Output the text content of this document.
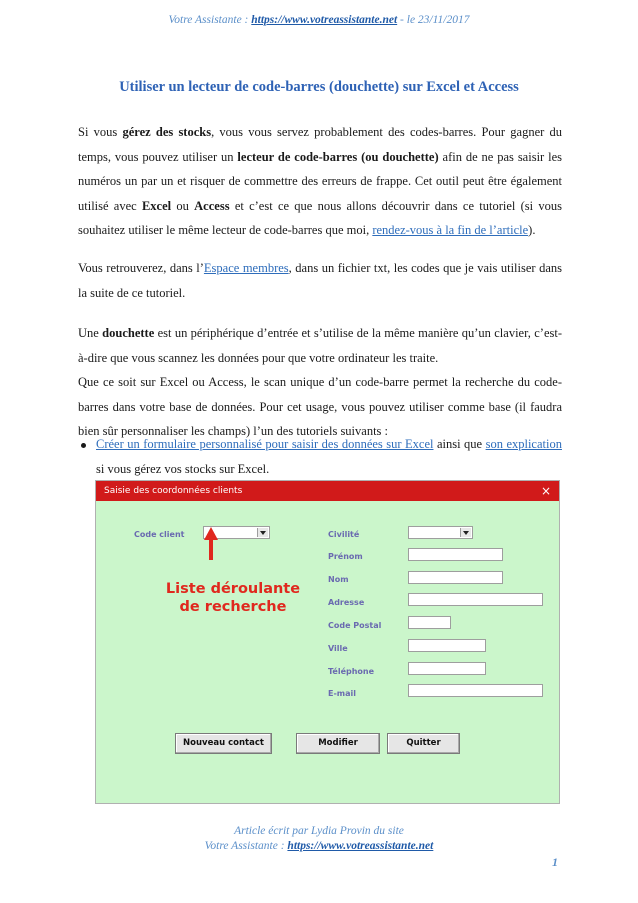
Votre Assistante : https://www.votreassistante.net - le 23/11/2017
Utiliser un lecteur de code-barres (douchette) sur Excel et Access

Si vous gérez des stocks, vous vous servez probablement des codes-barres. Pour gagner du temps, vous pouvez utiliser un lecteur de code-barres (ou douchette) afin de ne pas saisir les numéros un par un et risquer de commettre des erreurs de frappe. Cet outil peut être également utilisé avec Excel ou Access et c’est ce que nous allons découvrir dans ce tutoriel (si vous souhaitez utiliser le même lecteur de code-barres que moi, rendez-vous à la fin de l’article).

Vous retrouverez, dans l’Espace membres, dans un fichier txt, les codes que je vais utiliser dans la suite de ce tutoriel.

Une douchette est un périphérique d’entrée et s’utilise de la même manière qu’un clavier, c’est-à-dire que vous scannez les données pour que votre ordinateur les traite.

Que ce soit sur Excel ou Access, le scan unique d’un code-barre permet la recherche du code-barres dans votre base de données. Pour cet usage, vous pouvez utiliser comme base (il faudra bien sûr personnaliser les champs) l’un des tutoriels suivants :

Créer un formulaire personnalisé pour saisir des données sur Excel ainsi que son explication si vous gérez vos stocks sur Excel.
Saisie des coordonnées clients	×
Code client
Liste déroulante
de recherche
Civilité
Prénom
Nom
Adresse
Code Postal
Ville
Téléphone
E-mail
Nouveau contact	Modifier	Quitter
Article écrit par Lydia Provin du site
Votre Assistante : https://www.votreassistante.net
1
